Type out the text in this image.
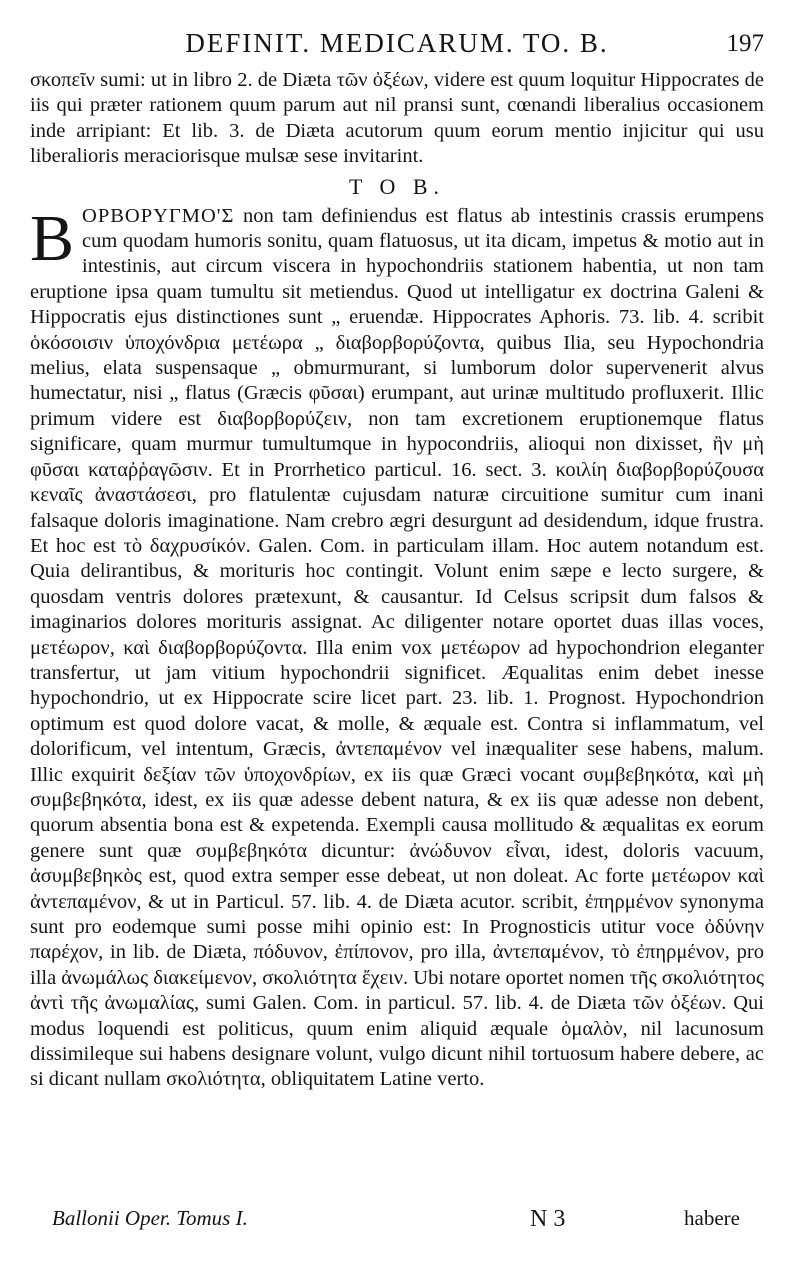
DEFINIT. MEDICARUM. TO. B.	197

σκοπεῖν sumi: ut in libro 2. de Diæta τῶν ὀξέων, videre est quum loquitur Hippocrates de iis qui præter rationem quum parum aut nil pransi sunt, cœnandi liberalius occasionem inde arripiant: Et lib. 3. de Diæta acutorum quum eorum mentio injicitur qui usu liberalioris meraciorisque mulsæ sese invitarint.

Τ Ο Β.

B ΟΡΒΟΡΥΓΜΟ'Σ non tam definiendus est flatus ab intestinis crassis erumpens cum quodam humoris sonitu, quam flatuosus, ut ita dicam, impetus & motio aut in intestinis, aut circum viscera in hypochondriis stationem habentia, ut non tam eruptione ipsa quam tumultu sit metiendus. Quod ut intelligatur ex doctrina Galeni & Hippocratis ejus distinctiones sunt „ eruendæ. Hippocrates Aphoris. 73. lib. 4. scribit ὁκόσοισιν ὑποχόνδρια μετέωρα „ διαβορβορύζοντα, quibus Ilia, seu Hypochondria melius, elata suspensaque „ obmurmurant, si lumborum dolor supervenerit alvus humectatur, nisi „ flatus (Græcis φῦσαι) erumpant, aut urinæ multitudo profluxerit. Illic primum videre est διαβορβορύζειν, non tam excretionem eruptionemque flatus significare, quam murmur tumultumque in hypocondriis, alioqui non dixisset, ἢν μὴ φῦσαι καταῤῥαγῶσιν. Et in Prorrhetico particul. 16. sect. 3. κοιλίη διαβορβορύζουσα κεναῖς ἀναστάσεσι, pro flatulentæ cujusdam naturæ circuitione sumitur cum inani falsaque doloris imaginatione. Nam crebro ægri desurgunt ad desidendum, idque frustra. Et hoc est τὸ δαχρυσίκόν. Galen. Com. in particulam illam. Hoc autem notandum est. Quia delirantibus, & morituris hoc contingit. Volunt enim sæpe e lecto surgere, & quosdam ventris dolores prætexunt, & causantur. Id Celsus scripsit dum falsos & imaginarios dolores morituris assignat. Ac diligenter notare oportet duas illas voces, μετέωρον, καὶ διαβορβορύζοντα. Illa enim vox μετέωρον ad hypochondrion eleganter transfertur, ut jam vitium hypochondrii significet. Æqualitas enim debet inesse hypochondrio, ut ex Hippocrate scire licet part. 23. lib. 1. Prognost. Hypochondrion optimum est quod dolore vacat, & molle, & æquale est. Contra si inflammatum, vel dolorificum, vel intentum, Græcis, ἀντεπαμένον vel inæqualiter sese habens, malum. Illic exquirit δεξίαν τῶν ὑποχονδρίων, ex iis quæ Græci vocant συμβεβηκότα, καὶ μὴ συμβεβηκότα, idest, ex iis quæ adesse debent natura, & ex iis quæ adesse non debent, quorum absentia bona est & expetenda. Exempli causa mollitudo & æqualitas ex eorum genere sunt quæ συμβεβηκότα dicuntur: ἀνώδυνον εἶναι, idest, doloris vacuum, ἀσυμβεβηκὸς est, quod extra semper esse debeat, ut non doleat. Ac forte μετέωρον καὶ ἀντεπαμένον, & ut in Particul. 57. lib. 4. de Diæta acutor. scribit, ἐπηρμένον synonyma sunt pro eodemque sumi posse mihi opinio est: In Prognosticis utitur voce ὀδύνην παρέχον, in lib. de Diæta, πόδυνον, ἐπίπονον, pro illa, ἀντεπαμένον, τὸ ἐπηρμένον, pro illa ἀνωμάλως διακείμενον, σκολιότητα ἔχειν. Ubi notare oportet nomen τῆς σκολιότητος ἀντὶ τῆς ἀνωμαλίας, sumi Galen. Com. in particul. 57. lib. 4. de Diæta τῶν ὀξέων. Qui modus loquendi est politicus, quum enim aliquid æquale ὁμαλὸν, nil lacunosum dissimileque sui habens designare volunt, vulgo dicunt nihil tortuosum habere debere, ac si dicant nullam σκολιότητα, obliquitatem Latine verto.

Ballonii Oper. Tomus I.	N 3	habere
